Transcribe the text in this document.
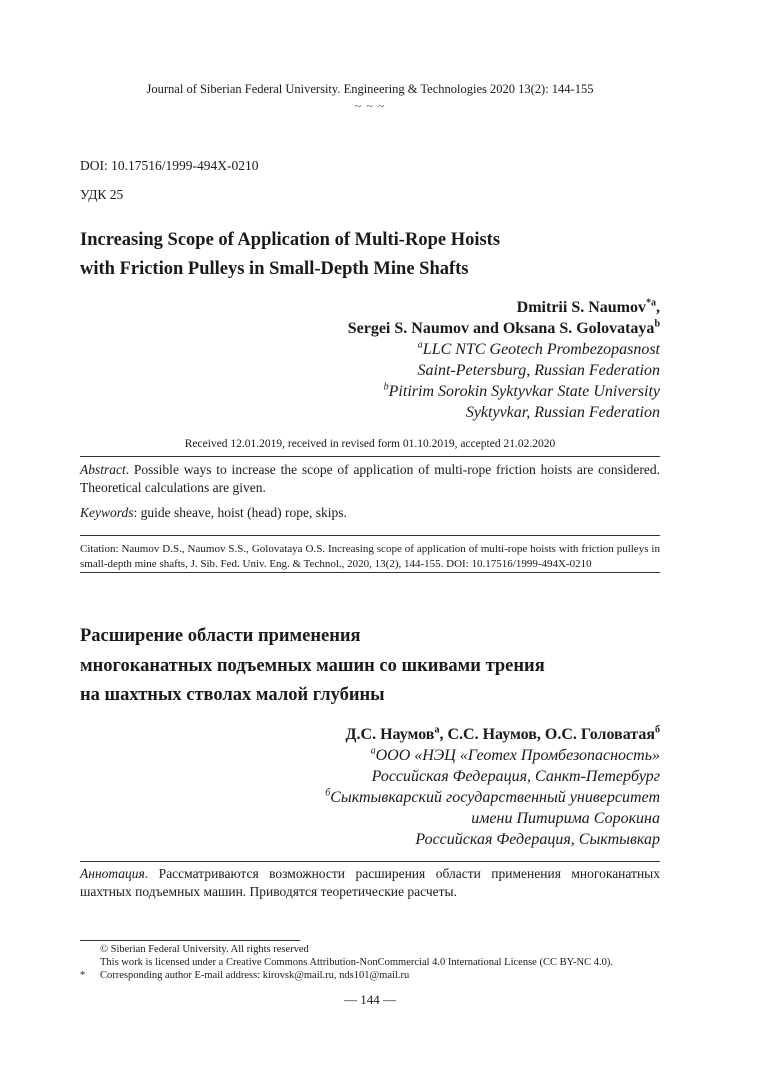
Journal of Siberian Federal University. Engineering & Technologies 2020 13(2): 144-155
~ ~ ~
DOI: 10.17516/1999-494X-0210
УДК 25
Increasing Scope of Application of Multi-Rope Hoists
with Friction Pulleys in Small-Depth Mine Shafts
Dmitrii S. Naumov$^{*a}$,
Sergei S. Naumov and Oksana S. Golovataya$^b$
$^a$LLC NTC Geotech Prombezopasnost
Saint-Petersburg, Russian Federation
$^b$Pitirim Sorokin Syktyvkar State University
Syktyvkar, Russian Federation
Received 12.01.2019, received in revised form 01.10.2019, accepted 21.02.2020
Abstract. Possible ways to increase the scope of application of multi-rope friction hoists are considered. Theoretical calculations are given.
Keywords: guide sheave, hoist (head) rope, skips.
Citation: Naumov D.S., Naumov S.S., Golovataya O.S. Increasing scope of application of multi-rope hoists with friction pulleys in small-depth mine shafts, J. Sib. Fed. Univ. Eng. & Technol., 2020, 13(2), 144-155. DOI: 10.17516/1999-494X-0210
Расширение области применения
многоканатных подъемных машин со шкивами трения
на шахтных стволах малой глубины
Д.С. Наумов$^а$, С.С. Наумов, О.С. Головатая$^б$
$^а$ООО «НЭЦ «Геотех Промбезопасность»
Российская Федерация, Санкт-Петербург
$^б$Сыктывкарский государственный университет
имени Питирима Сорокина
Российская Федерация, Сыктывкар
Аннотация. Рассматриваются возможности расширения области применения многоканатных шахтных подъемных машин. Приводятся теоретические расчеты.
© Siberian Federal University. All rights reserved
This work is licensed under a Creative Commons Attribution-NonCommercial 4.0 International License (CC BY-NC 4.0).
*	Corresponding author E-mail address: kirovsk@mail.ru, nds101@mail.ru
— 144 —
